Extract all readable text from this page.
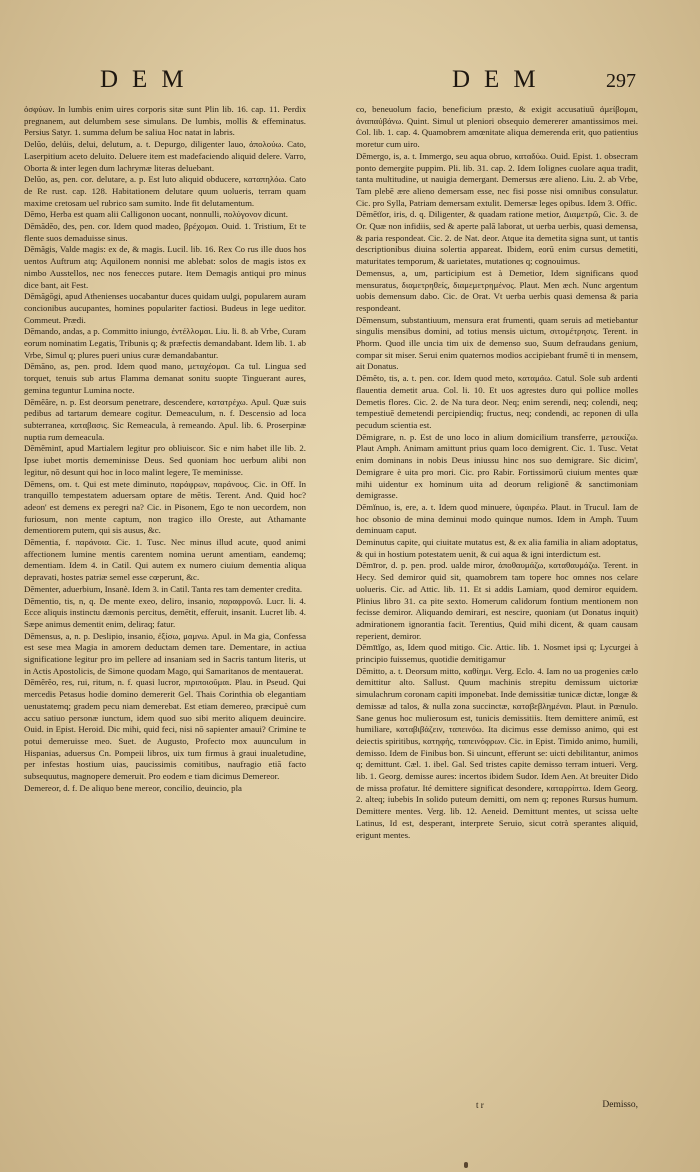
DEM	DEM	297

ὀσφύων. In lumbis enim uires corporis sitæ sunt Plin lib. 16. cap. 11. Perdix pregnanem, aut delumbem sese simulans. De lumbis, mollis & effeminatus. Persius Satyr. 1. summa delum be saliua Hoc natat in labris.

Delŭo, delúis, delui, delutum, a. t. Depurgo, diligenter lauo, ἀπολούω. Cato, Laserpitium aceto deluito. Deluere item est madefaciendo aliquid delere. Varro, Oborta & inter legen dum lachrymæ literas deluebant.

Delŭo, as, pen. cor. delutare, a. p. Est luto aliquid obducere, καταπηλόω. Cato de Re rust. cap. 128. Habitationem delutare quum uolueris, terram quam maxime cretosam uel rubrico sam sumito. Inde fit delutamentum.

Dēmo, Herba est quam alii Calligonon uocant, nonnulli, πολύγονον dicunt.

Dēmădĕo, des, pen. cor. Idem quod madeo, βρέχομαι. Ouid. 1. Tristium, Et te flente suos demaduisse sinus.

Dēmăgis, Valde magis: ex de, & magis. Lucil. lib. 16. Rex Co rus ille duos hos uentos Auftrum atq; Aquilonem nonnisi me ablebat: solos de magis istos ex nimbo Ausstellos, nec nos fenecces putare. Item Demagis antiqui pro minus dice bant, ait Fest.

Dēmăgōgi, apud Athenienses uocabantur duces quidam uulgi, popularem auram concionibus aucupantes, homines populariter factiosi. Budeus in lege ueditor. Commeut. Prædi.

Dēmando, andas, a p. Committo iniungo, ἐντέλλομαι. Liu. li. 8. ab Vrbe, Curam eorum nominatim Legatis, Tribunis q; & præfectis demandabant. Idem lib. 1. ab Vrbe, Simul q; plures pueri unius curæ demandabantur.

Dēmāno, as, pen. prod. Idem quod mano, μεταχέομαι. Ca tul. Lingua sed torquet, tenuis sub artus Flamma demanat sonitu suopte Tinguerant aures, gemina teguntur Lumina nocte.

Dēmĕăre, n. p. Est deorsum penetrare, descendere, κατατρέχω. Apul. Quæ suis pedibus ad tartarum demeare cogitur. Demeaculum, n. f. Descensio ad loca subterranea, καταβασις. Sic Remeacula, à remeando. Apul. lib. 6. Proserpinæ nuptia rum demeacula.

Dēmĕminī, apud Martialem legitur pro obliuiscor. Sic e nim habet ille lib. 2. Ipse iubet mortis dememinisse Deus. Sed quoniam hoc uerbum alibi non legitur, nō desunt qui hoc in loco malint legere, Te meminisse.

Dēmens, om. t. Qui est mete diminuto, παράφρων, παράνους. Cic. in Off. In tranquillo tempestatem aduersam optare de mētis. Terent. And. Quid hoc? adeon' est demens ex peregri na? Cic. in Pisonem, Ego te non uecordem, non furiosum, non mente captum, non tragico illo Oreste, aut Athamante dementiorem putem, qui sis ausus, &c.

Dēmentia, f. παράνοια. Cic. 1. Tusc. Nec minus illud acute, quod animi affectionem lumine mentis carentem nomina uerunt amentiam, eandemq; dementiam. Idem 4. in Catil. Qui autem ex numero ciuium dementia aliqua depravati, hostes patriæ semel esse cœperunt, &c.

Dēmenter, aduerbium, Insanè. Idem 3. in Catil. Tanta res tam dementer credita.

Dēmentio, tis, n, q. De mente exeo, deliro, insanio, παραφρονῶ. Lucr. li. 4. Ecce aliquis instinctu dæmonis percitus, demētit, efferuit, insanit. Lucret lib. 4. Sæpe animus dementit enim, deliraq; fatur.

Dēmensus, a, n. p. Deslipio, insanio, ἐξίσω, μαμνω. Apul. in Ma gia, Confessa est sese mea Magia in amorem deductam demen tare. Dementare, in actiua significatione legitur pro im pellere ad insaniam sed in Sacris tantum literis, ut in Actis Apostolicis, de Simone quodam Mago, qui Samaritanos de mentauerat.

Dēmĕrĕo, res, rui, ritum, n. f. quasi lucror, πιριποιοῦμαι. Plau. in Pseud. Qui mercedis Petasus hodie domino demererit Gel. Thais Corinthia ob elegantiam uenustatemq; gradem pecu niam demerebat. Est etiam demereo, præcipuè cum accu satiuo personæ iunctum, idem quod suo sibi merito aliquem deuincire. Ouid. in Epist. Heroid. Dic mihi, quid feci, nisi nō sapienter amaui? Crimine te potui demeruisse meo. Suet. de Augusto, Profecto mox auunculum in Hispanias, aduersus Cn. Pompeii libros, uix tum firmus à graui inualetudine, per infestas hostium uias, paucissimis comitibus, naufragio etiā facto subsequutus, magnopere demeruit. Pro eodem e tiam dicimus Demereor.

Demereor, d. f. De aliquo bene mereor, concilio, deuincio, pla

co, beneuolum facio, beneficium præsto, & exigit accusatiuū ἀμείβομαι, ἀναπαύβάνω. Quint. Simul ut pleniori obsequio demererer amantissimos mei. Col. lib. 1. cap. 4. Quamobrem amœnitate aliqua demerenda erit, quo patientius moretur cum uiro.

Dēmergo, is, a. t. Immergo, seu aqua obruo, καταδύω. Ouid. Epist. 1. obsecram ponto demergite puppim. Pli. lib. 31. cap. 2. Idem Iolignes cuolare aqua tradit, tanta multitudine, ut nauigia demergant. Demersus ære alieno. Liu. 2. ab Vrbe, Tam plebē ære alieno demersam esse, nec fisi posse nisi omnibus consulatur. Cic. pro Sylla, Patriam demersam extulit. Demersæ leges opibus. Idem 3. Offic.

Dēmētĭor, iris, d. q. Diligenter, & quadam ratione metior, Διαμετρῶ, Cic. 3. de Or. Quæ non infidiis, sed & aperte palā laborat, ut uerba uerbis, quasi demensa, & paria respondeat. Cic. 2. de Nat. deor. Atque ita demetita signa sunt, ut tantis descriptionibus diuina solertia appareat. Ibidem, eorū enim cursus demetiti, maturitates temporum, & uarietates, mutationes q; cognouimus.

Demensus, a, um, participium est à Demetior, Idem significans quod mensuratus, διαμετρηθείς, διαμεμετρημένος. Plaut. Men æch. Nunc argentum uobis demensum dabo. Cic. de Orat. Vt uerba uerbis quasi demensa & paria respondeant.

Dēmensum, substantiuum, mensura erat frumenti, quam seruis ad metiebantur singulis mensibus domini, ad totius mensis uictum, σιτομέτρησις. Terent. in Phorm. Quod ille uncia tim uix de demenso suo, Suum defraudans genium, compar sit miser. Serui enim quaternos modios accipiebant frumē ti in mensem, ait Donatus.

Dēmĕto, tis, a. t. pen. cor. Idem quod meto, καταμάω. Catul. Sole sub ardenti flauentia demetit arua. Col. li. 10. Et uos agrestes duro qui pollice molles Demetis flores. Cic. 2. de Na tura deor. Neq; enim serendi, neq; colendi, neq; tempestiuē demetendi percipiendiq; fructus, neq; condendi, ac reponen di ulla pecudum scientia est.

Dēmigrare, n. p. Est de uno loco in alium domicilium transferre, μετοικίζω. Plaut Amph. Animam amittunt prius quam loco demigrent. Cic. 1. Tusc. Vetat enim dominans in nobis Deus iniussu hinc nos suo demigrare. Sic dicim', Demigrare è uita pro mori. Cic. pro Rabir. Fortissimorū ciuium mentes quæ mihi uidentur ex hominum uita ad deorum religionē & sanctimoniam demigrasse.

Dēmĭnuo, is, ere, a. t. Idem quod minuere, ὑφαιρέω. Plaut. in Trucul. Iam de hoc obsonio de mina deminui modo quinque numos. Idem in Amph. Tuum deminuam caput.

Deminutus capite, qui ciuitate mutatus est, & ex alia familia in aliam adoptatus, & qui in hostium potestatem uenit, & cui aqua & igni interdictum est.

Dēmīror, d. p. pen. prod. ualde miror, ἀποθαυμάζω, καταθαυμάζω. Terent. in Hecy. Sed demiror quid sit, quamobrem tam topere hoc omnes nos celare uolueris. Cic. ad Attic. lib. 11. Et si addis Lamiam, quod demiror equidem. Plinius libro 31. ca pite sexto. Homerum calidorum fontium mentionem non fecisse demiror. Aliquando demirari, est nescire, quoniam (ut Donatus inquit) admirationem ignorantia facit. Terentius, Quid mihi dicent, & quam causam reperient, demiror.

Dēmītĭgo, as, Idem quod mitigo. Cic. Attic. lib. 1. Nosmet ipsi q; Lycurgei à principio fuissemus, quotidie demitigamur

Dēmitto, a. t. Deorsum mitto, καθίημι. Verg. Eclo. 4. Iam no ua progenies cælo demittitur alto. Sallust. Quum machinis strepitu demissum uictoriæ simulachrum coronam capiti imponebat. Inde demissitiæ tunicæ dictæ, longæ & demissæ ad talos, & nulla zona succinctæ, καταβεβλημέναι. Plaut. in Pœnulo. Sane genus hoc mulierosum est, tunicis demissitiis. Item demittere animū, est humiliare, καταβιβάζειν, ταπεινόω. Ita dicimus esse demisso animo, qui est deiectis spiritibus, κατηφὴς, ταπεινόφρων. Cic. in Epist. Timido animo, humili, demisso. Idem de Finibus bon. Si uincunt, efferunt se: uicti debilitantur, animos q; demittunt. Cæl. 1. ibel. Gal. Sed tristes capite demisso terram intueri. Verg. lib. 1. Georg. demisse aures: incertos ibidem Sudor. Idem Aen. At breuiter Dido de missa profatur. Ité demittere significat desondere, καταρρίπτω. Idem Georg. 2. alteq; iubebis In solido puteum demitti, om nem q; repones Rursus humum. Demittere mentes. Verg. lib. 12. Aeneid. Demittunt mentes, ut scissa uelte Latinus, Id est, desperant, interprete Seruio, sicut cotrà sperantes aliquid, erigunt mentes.

t r	Demisso,
